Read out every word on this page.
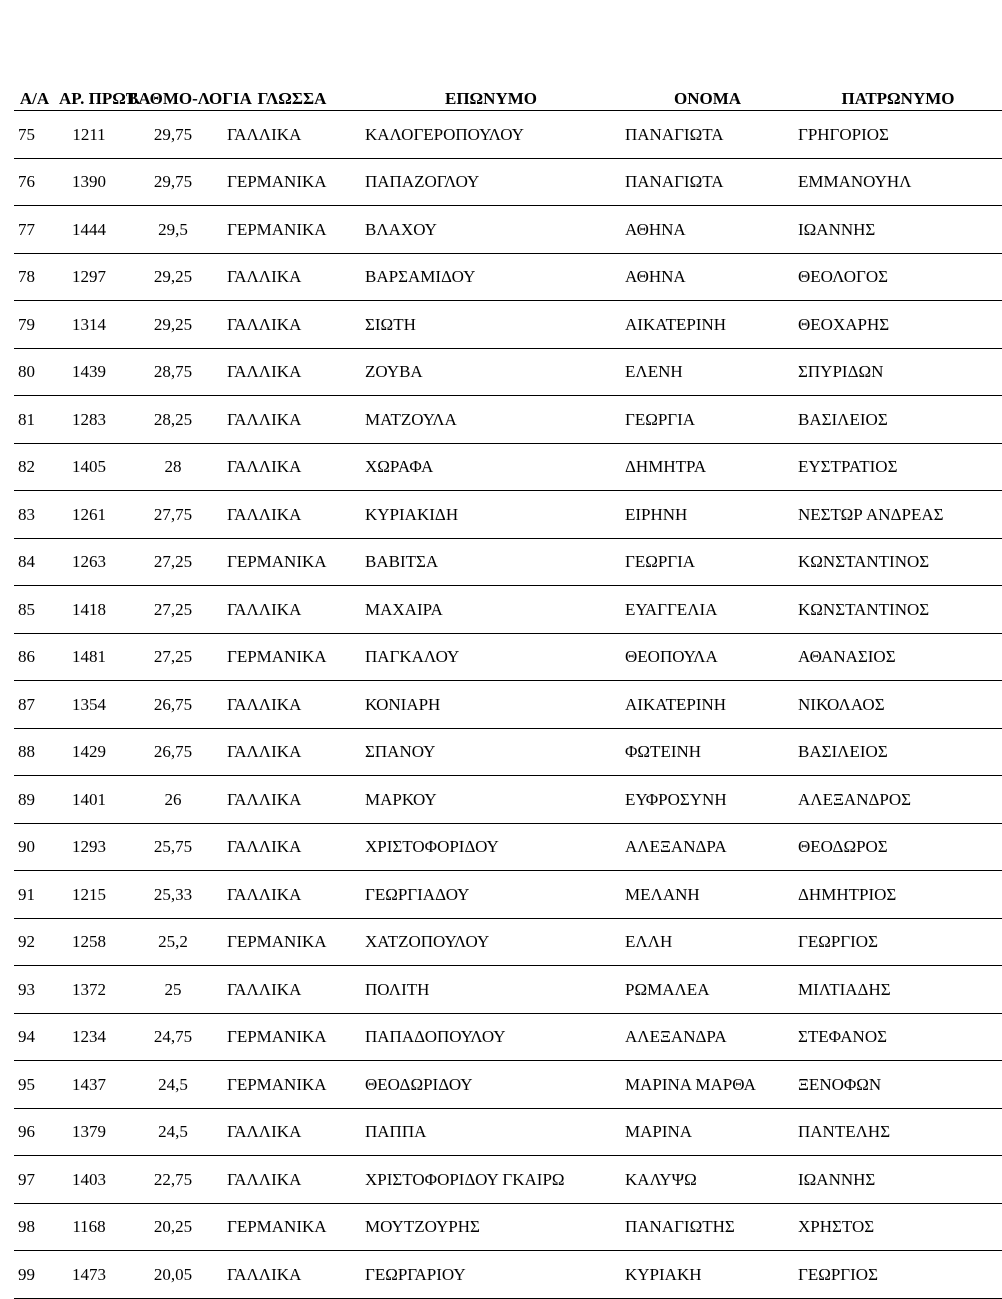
Α/Α	ΑΡ. ΠΡΩΤ.	ΒΑΘΜΟ-ΛΟΓΙΑ	ΓΛΩΣΣΑ	ΕΠΩΝΥΜΟ	ΟΝΟΜΑ	ΠΑΤΡΩΝΥΜΟ
75	1211	29,75	ΓΑΛΛΙΚΑ	ΚΑΛΟΓΕΡΟΠΟΥΛΟΥ	ΠΑΝΑΓΙΩΤΑ	ΓΡΗΓΟΡΙΟΣ
76	1390	29,75	ΓΕΡΜΑΝΙΚΑ	ΠΑΠΑΖΟΓΛΟΥ	ΠΑΝΑΓΙΩΤΑ	ΕΜΜΑΝΟΥΗΛ
77	1444	29,5	ΓΕΡΜΑΝΙΚΑ	ΒΛΑΧΟΥ	ΑΘΗΝΑ	ΙΩΑΝΝΗΣ
78	1297	29,25	ΓΑΛΛΙΚΑ	ΒΑΡΣΑΜΙΔΟΥ	ΑΘΗΝΑ	ΘΕΟΛΟΓΟΣ
79	1314	29,25	ΓΑΛΛΙΚΑ	ΣΙΩΤΗ	ΑΙΚΑΤΕΡΙΝΗ	ΘΕΟΧΑΡΗΣ
80	1439	28,75	ΓΑΛΛΙΚΑ	ΖΟΥΒΑ	ΕΛΕΝΗ	ΣΠΥΡΙΔΩΝ
81	1283	28,25	ΓΑΛΛΙΚΑ	ΜΑΤΖΟΥΛΑ	ΓΕΩΡΓΙΑ	ΒΑΣΙΛΕΙΟΣ
82	1405	28	ΓΑΛΛΙΚΑ	ΧΩΡΑΦΑ	ΔΗΜΗΤΡΑ	ΕΥΣΤΡΑΤΙΟΣ
83	1261	27,75	ΓΑΛΛΙΚΑ	ΚΥΡΙΑΚΙΔΗ	ΕΙΡΗΝΗ	ΝΕΣΤΩΡ ΑΝΔΡΕΑΣ
84	1263	27,25	ΓΕΡΜΑΝΙΚΑ	ΒΑΒΙΤΣΑ	ΓΕΩΡΓΙΑ	ΚΩΝΣΤΑΝΤΙΝΟΣ
85	1418	27,25	ΓΑΛΛΙΚΑ	ΜΑΧΑΙΡΑ	ΕΥΑΓΓΕΛΙΑ	ΚΩΝΣΤΑΝΤΙΝΟΣ
86	1481	27,25	ΓΕΡΜΑΝΙΚΑ	ΠΑΓΚΑΛΟΥ	ΘΕΟΠΟΥΛΑ	ΑΘΑΝΑΣΙΟΣ
87	1354	26,75	ΓΑΛΛΙΚΑ	ΚΟΝΙΑΡΗ	ΑΙΚΑΤΕΡΙΝΗ	ΝΙΚΟΛΑΟΣ
88	1429	26,75	ΓΑΛΛΙΚΑ	ΣΠΑΝΟΥ	ΦΩΤΕΙΝΗ	ΒΑΣΙΛΕΙΟΣ
89	1401	26	ΓΑΛΛΙΚΑ	ΜΑΡΚΟΥ	ΕΥΦΡΟΣΥΝΗ	ΑΛΕΞΑΝΔΡΟΣ
90	1293	25,75	ΓΑΛΛΙΚΑ	ΧΡΙΣΤΟΦΟΡΙΔΟΥ	ΑΛΕΞΑΝΔΡΑ	ΘΕΟΔΩΡΟΣ
91	1215	25,33	ΓΑΛΛΙΚΑ	ΓΕΩΡΓΙΑΔΟΥ	ΜΕΛΑΝΗ	ΔΗΜΗΤΡΙΟΣ
92	1258	25,2	ΓΕΡΜΑΝΙΚΑ	ΧΑΤΖΟΠΟΥΛΟΥ	ΕΛΛΗ	ΓΕΩΡΓΙΟΣ
93	1372	25	ΓΑΛΛΙΚΑ	ΠΟΛΙΤΗ	ΡΩΜΑΛΕΑ	ΜΙΛΤΙΑΔΗΣ
94	1234	24,75	ΓΕΡΜΑΝΙΚΑ	ΠΑΠΑΔΟΠΟΥΛΟΥ	ΑΛΕΞΑΝΔΡΑ	ΣΤΕΦΑΝΟΣ
95	1437	24,5	ΓΕΡΜΑΝΙΚΑ	ΘΕΟΔΩΡΙΔΟΥ	ΜΑΡΙΝΑ ΜΑΡΘΑ	ΞΕΝΟΦΩΝ
96	1379	24,5	ΓΑΛΛΙΚΑ	ΠΑΠΠΑ	ΜΑΡΙΝΑ	ΠΑΝΤΕΛΗΣ
97	1403	22,75	ΓΑΛΛΙΚΑ	ΧΡΙΣΤΟΦΟΡΙΔΟΥ ΓΚΑΙΡΩ	ΚΑΛΥΨΩ	ΙΩΑΝΝΗΣ
98	1168	20,25	ΓΕΡΜΑΝΙΚΑ	ΜΟΥΤΖΟΥΡΗΣ	ΠΑΝΑΓΙΩΤΗΣ	ΧΡΗΣΤΟΣ
99	1473	20,05	ΓΑΛΛΙΚΑ	ΓΕΩΡΓΑΡΙΟΥ	ΚΥΡΙΑΚΗ	ΓΕΩΡΓΙΟΣ
